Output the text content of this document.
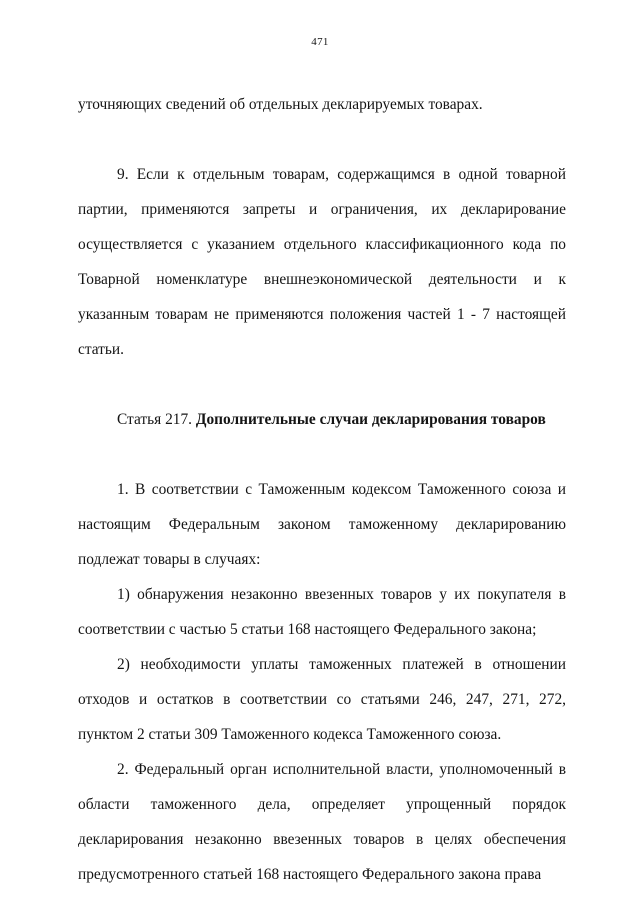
471

уточняющих сведений об отдельных декларируемых товарах.

9. Если к отдельным товарам, содержащимся в одной товарной партии, применяются запреты и ограничения, их декларирование осуществляется с указанием отдельного классификационного кода по Товарной номенклатуре внешнеэкономической деятельности и к указанным товарам не применяются положения частей 1 - 7 настоящей статьи.

Статья 217. Дополнительные случаи декларирования товаров

1. В соответствии с Таможенным кодексом Таможенного союза и настоящим Федеральным законом таможенному декларированию подлежат товары в случаях:

1) обнаружения незаконно ввезенных товаров у их покупателя в соответствии с частью 5 статьи 168 настоящего Федерального закона;

2) необходимости уплаты таможенных платежей в отношении отходов и остатков в соответствии со статьями 246, 247, 271, 272, пунктом 2 статьи 309 Таможенного кодекса Таможенного союза.

2. Федеральный орган исполнительной власти, уполномоченный в области таможенного дела, определяет упрощенный порядок декларирования незаконно ввезенных товаров в целях обеспечения предусмотренного статьей 168 настоящего Федерального закона права
